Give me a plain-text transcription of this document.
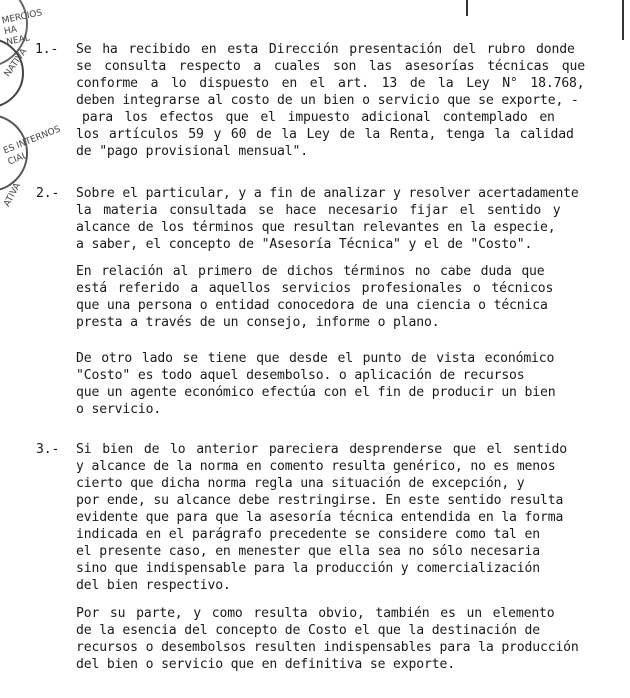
MERCIOS
HA
NEAL
NATIVA
ES INTERNOS
CIAL
ATIVA
1.- Se ha recibido en esta Dirección presentación del rubro donde
se consulta respecto a cuales son las asesorías técnicas que
conforme a lo dispuesto en el art. 13 de la Ley N° 18.768,
deben integrarse al costo de un bien o servicio que se exporte, -
para los efectos que el impuesto adicional contemplado en
los artículos 59 y 60 de la Ley de la Renta, tenga la calidad
de "pago provisional mensual".
2.- Sobre el particular, y a fin de analizar y resolver acertadamente
la materia consultada se hace necesario fijar el sentido y
alcance de los términos que resultan relevantes en la especie,
a saber, el concepto de "Asesoría Técnica" y el de "Costo".
En relación al primero de dichos términos no cabe duda que
está referido a aquellos servicios profesionales o técnicos
que una persona o entidad conocedora de una ciencia o técnica
presta a través de un consejo, informe o plano.
De otro lado se tiene que desde el punto de vista económico
"Costo" es todo aquel desembolso. o aplicación de recursos
que un agente económico efectúa con el fin de producir un bien
o servicio.
3.- Si bien de lo anterior pareciera desprenderse que el sentido
y alcance de la norma en comento resulta genérico, no es menos
cierto que dicha norma regla una situación de excepción, y
por ende, su alcance debe restringirse. En este sentido resulta
evidente que para que la asesoría técnica entendida en la forma
indicada en el parágrafo precedente se considere como tal en
el presente caso, en menester que ella sea no sólo necesaria
sino que indispensable para la producción y comercialización
del bien respectivo.
Por su parte, y como resulta obvio, también es un elemento
de la esencia del concepto de Costo el que la destinación de
recursos o desembolsos resulten indispensables para la producción
del bien o servicio que en definitiva se exporte.
